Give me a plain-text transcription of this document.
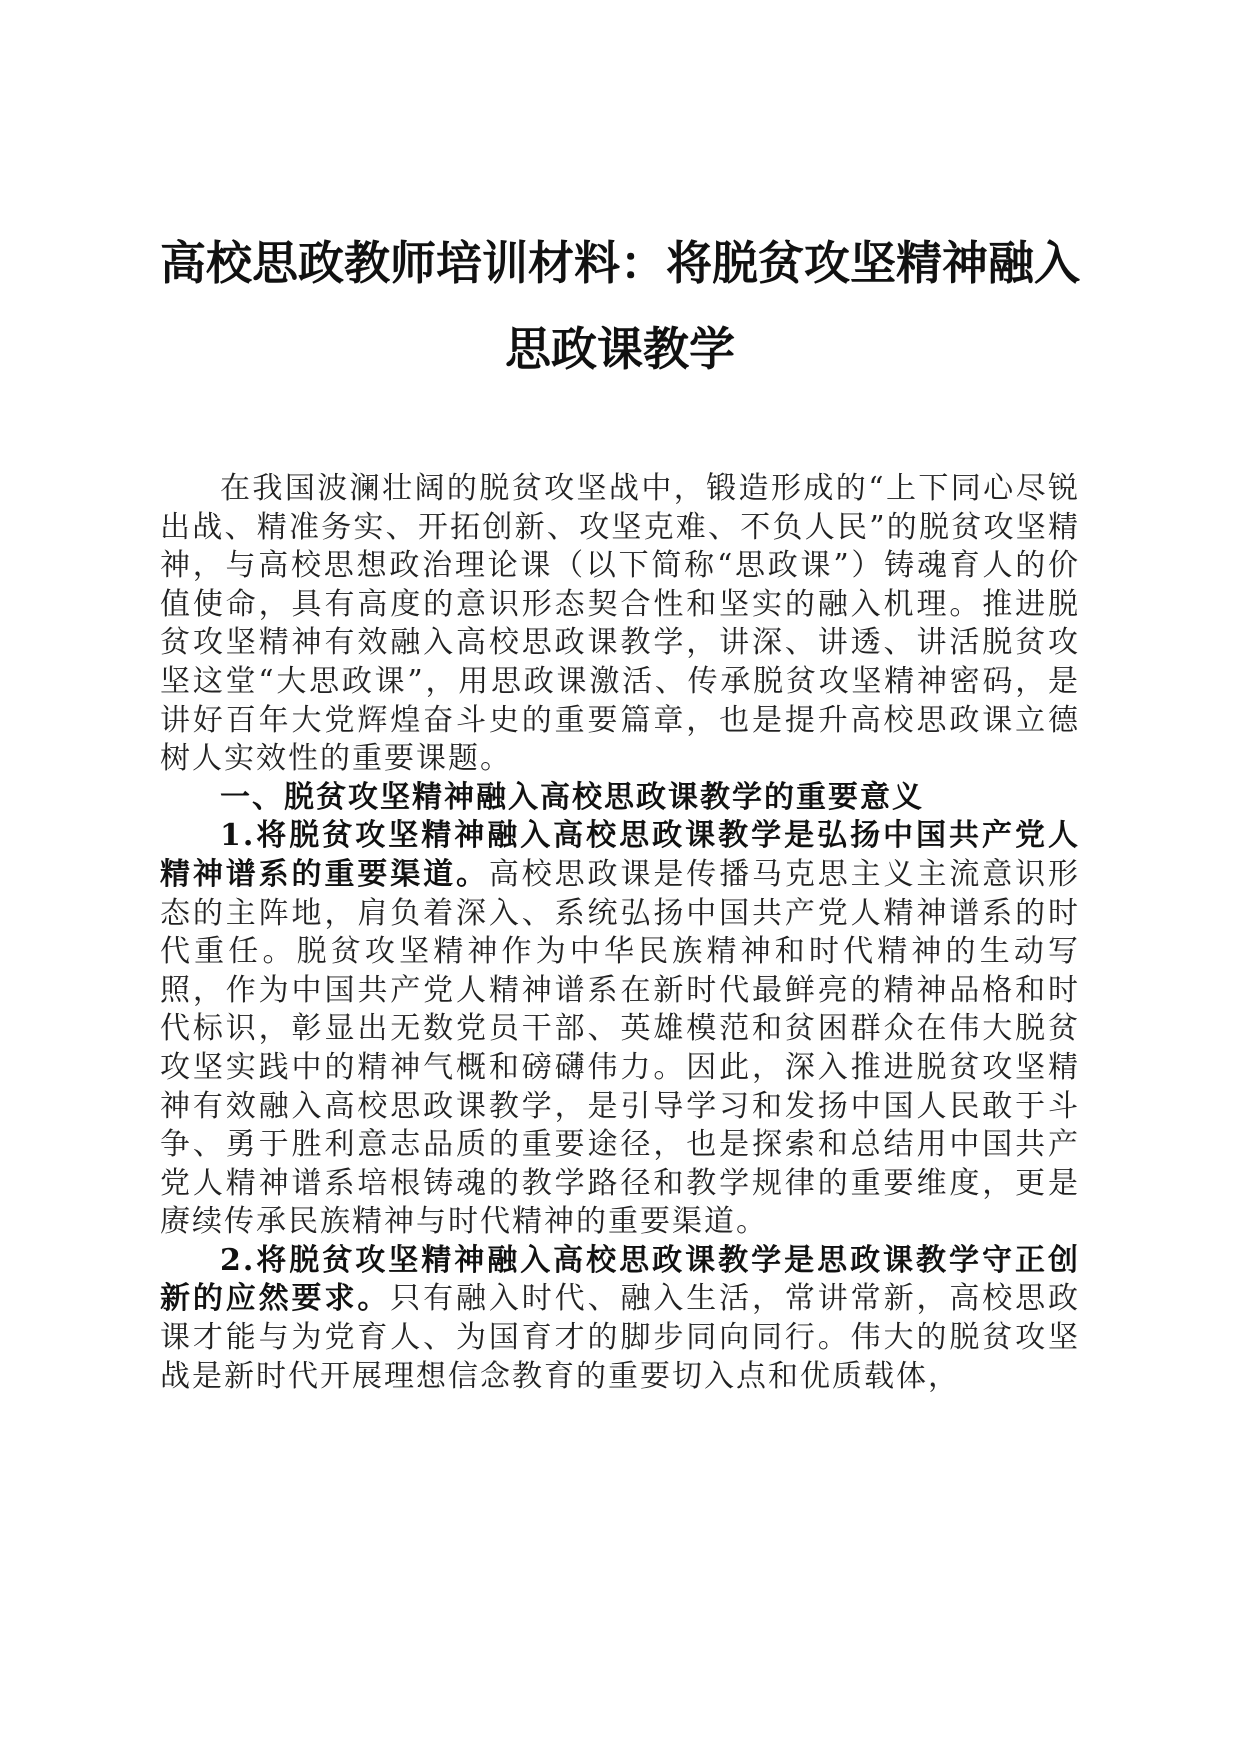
高校思政教师培训材料：将脱贫攻坚精神融入
思政课教学

在我国波澜壮阔的脱贫攻坚战中，锻造形成的“上下同心尽锐出战、精准务实、开拓创新、攻坚克难、不负人民”的脱贫攻坚精神，与高校思想政治理论课（以下简称“思政课”）铸魂育人的价值使命，具有高度的意识形态契合性和坚实的融入机理。推进脱贫攻坚精神有效融入高校思政课教学，讲深、讲透、讲活脱贫攻坚这堂“大思政课”，用思政课激活、传承脱贫攻坚精神密码，是讲好百年大党辉煌奋斗史的重要篇章，也是提升高校思政课立德树人实效性的重要课题。

一、脱贫攻坚精神融入高校思政课教学的重要意义

1.将脱贫攻坚精神融入高校思政课教学是弘扬中国共产党人精神谱系的重要渠道。高校思政课是传播马克思主义主流意识形态的主阵地，肩负着深入、系统弘扬中国共产党人精神谱系的时代重任。脱贫攻坚精神作为中华民族精神和时代精神的生动写照，作为中国共产党人精神谱系在新时代最鲜亮的精神品格和时代标识，彰显出无数党员干部、英雄模范和贫困群众在伟大脱贫攻坚实践中的精神气概和磅礴伟力。因此，深入推进脱贫攻坚精神有效融入高校思政课教学，是引导学习和发扬中国人民敢于斗争、勇于胜利意志品质的重要途径，也是探索和总结用中国共产党人精神谱系培根铸魂的教学路径和教学规律的重要维度，更是赓续传承民族精神与时代精神的重要渠道。

2.将脱贫攻坚精神融入高校思政课教学是思政课教学守正创新的应然要求。只有融入时代、融入生活，常讲常新，高校思政课才能与为党育人、为国育才的脚步同向同行。伟大的脱贫攻坚战是新时代开展理想信念教育的重要切入点和优质载体，
